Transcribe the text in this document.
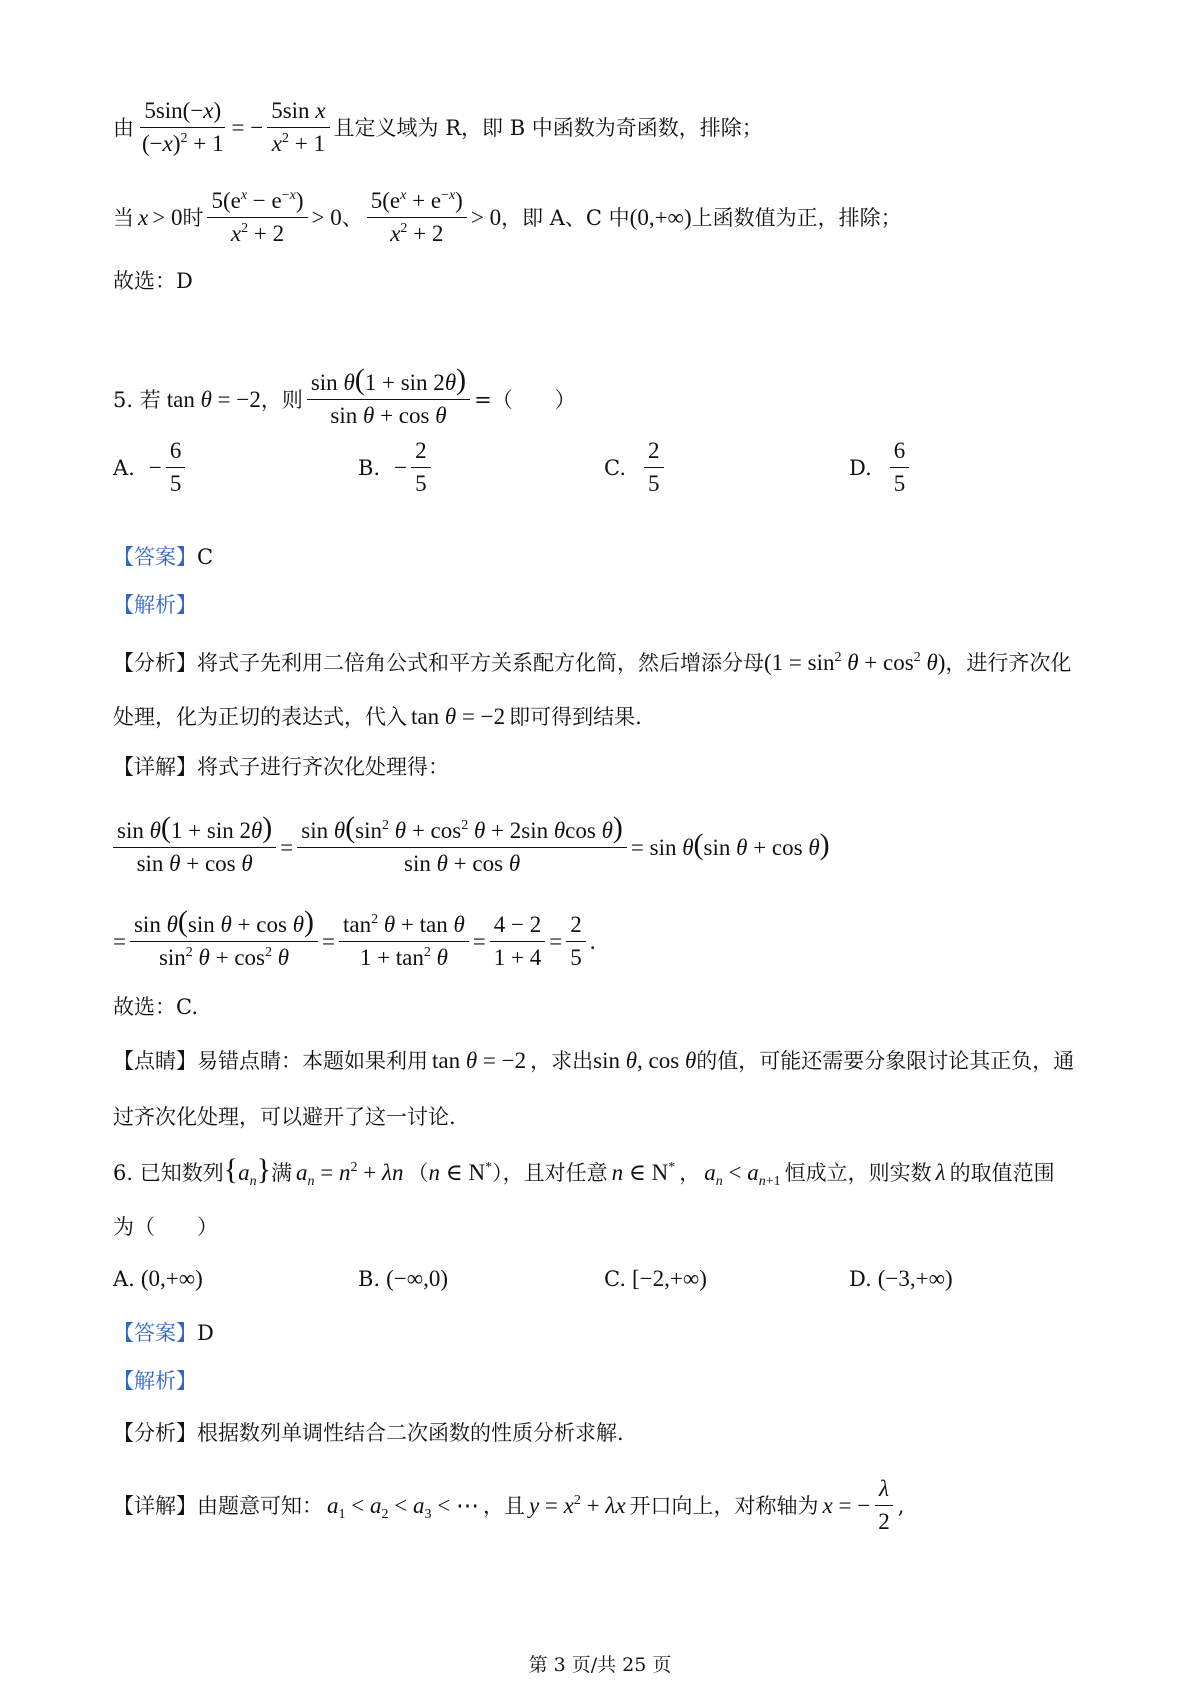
由 $\frac{5\sin(-x)}{(-x)^2 + 1}$ = − $\frac{\text{5sin x}}{x^2 + 1}$ 且定义域为 R，即 B 中函数为奇函数，排除；
当 x > 0 时 $\frac{5(e^x - e^{-x})}{x^2 + 2} > 0$ 、 $\frac{5(e^x + e^{-x})}{x^2 + 2} > 0$ ，即 A、C 中 (0,+∞) 上函数值为正，排除；
故选：D
5. 若 tan θ = −2 ，则 $\frac{\text{sin θ(1 + sin 2θ)}}{\text{sin θ + cos θ}}$ =（　　）
A. − $\frac{6}{5}$	B. − $\frac{2}{5}$	C. $\frac{2}{5}$	D. $\frac{6}{5}$
【答案】 C
【解析】
【分析】 将式子先利用二倍角公式和平方关系配方化简，然后增添分母 $(1 = \sin^2 \theta + \cos^2 \theta)$ ，进行齐次化
处理，化为正切的表达式，代入 tan θ = −2 即可得到结果.
【详解】 将式子进行齐次化处理得：
$\frac{\text{sin θ(1 + sin 2θ)}}{\text{sin θ + cos θ}} = \frac{\sin \theta(\sin^2 \theta + \cos^2 \theta + 2\sin \theta\cos \theta)}{\text{sin θ + cos θ}} = \sin \theta(\sin$ θ + cos θ)
= $\frac{\text{sin θ(sin θ + cos θ)}}{\sin^2 \theta + \cos^2 \theta} = \frac{\tan^2 \theta + \tan \theta}{1 + \tan^2 \theta} = \frac{4 - 2}{1 + 4} = \frac{2}{5}$ .
故选：C.
【点睛】 易错点睛：本题如果利用 tan θ = −2 ，求出 sin θ, cos θ 的值，可能还需要分象限讨论其正负，通
过齐次化处理，可以避开了这一讨论.
6. 已知数列 $\{a_n\}$ 满 $a_n = n^2 + \lambda n$ （ n ∈ N* ），且对任意 n ∈ N* ， $a_n < a_{n+1}$ 恒成立，则实数 λ 的取值范围
为（　　）
A. (0,+∞)	B. (−∞,0)	C. [−2,+∞)	D. (−3,+∞)
【答案】 D
【解析】
【分析】 根据数列单调性结合二次函数的性质分析求解.
【详解】 由题意可知： $a_1 < a_2 < a_3$ < ⋯ ，且 $y = x^2 + \lambda x$ 开口向上，对称轴为 x = − $\frac{\lambda}{2}$ ,
第 3 页/共 25 页
